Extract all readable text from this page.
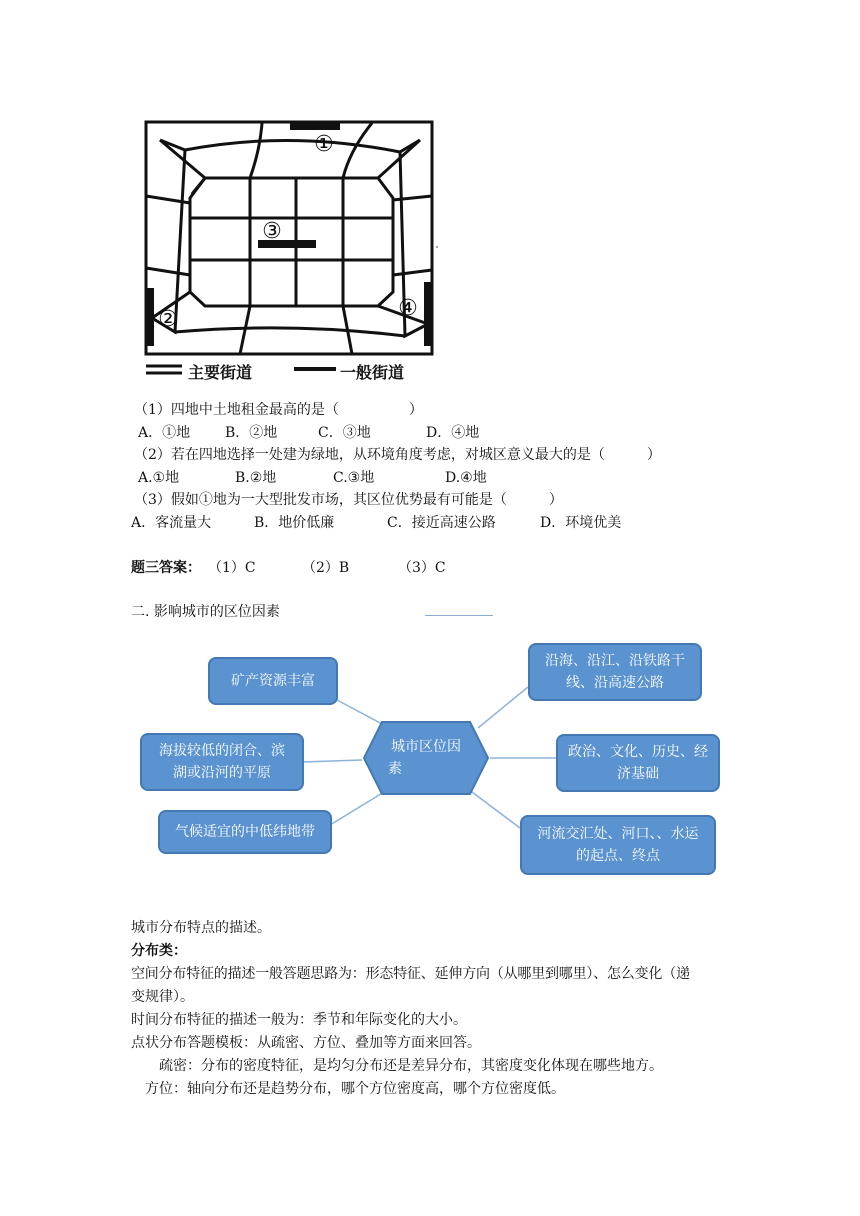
①
②
③
④
主要街道	一般街道
（1）四地中土地租金最高的是（　　　　　）
A．①地 B．②地	C．③地	D．④地
（2）若在四地选择一处建为绿地，从环境角度考虑，对城区意义最大的是（　　　）
A.①地	B.②地	C.③地	D.④地
（3）假如①地为一大型批发市场，其区位优势最有可能是（　　　）
A．客流量大	B．地价低廉	C．接近高速公路	D．环境优美
题三答案： （1）C	（2）B	（3）C
二. 影响城市的区位因素
城市区位因
素
矿产资源丰富
海拔较低的闭合、滨
湖或沿河的平原
气候适宜的中低纬地带
沿海、沿江、沿铁路干
线、沿高速公路
政治、文化、历史、经
济基础
河流交汇处、河口、、水运
的起点、终点
城市分布特点的描述。
分布类：
空间分布特征的描述一般答题思路为：形态特征、延伸方向（从哪里到哪里）、怎么变化（递
变规律）。
时间分布特征的描述一般为：季节和年际变化的大小。
点状分布答题模板：从疏密、方位、叠加等方面来回答。
疏密：分布的密度特征，是均匀分布还是差异分布，其密度变化体现在哪些地方。
方位：轴向分布还是趋势分布，哪个方位密度高，哪个方位密度低。
